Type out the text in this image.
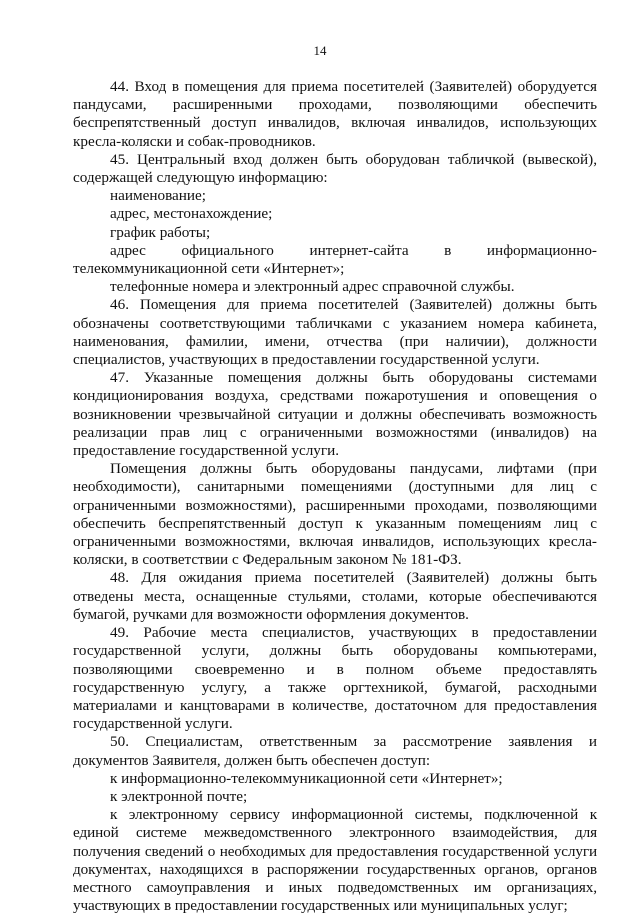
14

44. Вход в помещения для приема посетителей (Заявителей) оборудуется пандусами, расширенными проходами, позволяющими обеспечить беспрепятственный доступ инвалидов, включая инвалидов, использующих кресла-коляски и собак-проводников.

45. Центральный вход должен быть оборудован табличкой (вывеской), содержащей следующую информацию:

наименование;

адрес, местонахождение;

график работы;

адрес официального интернет-сайта в информационно-телекоммуникационной сети «Интернет»;

телефонные номера и электронный адрес справочной службы.

46. Помещения для приема посетителей (Заявителей) должны быть обозначены соответствующими табличками с указанием номера кабинета, наименования, фамилии, имени, отчества (при наличии), должности специалистов, участвующих в предоставлении государственной услуги.

47. Указанные помещения должны быть оборудованы системами кондиционирования воздуха, средствами пожаротушения и оповещения о возникновении чрезвычайной ситуации и должны обеспечивать возможность реализации прав лиц с ограниченными возможностями (инвалидов) на предоставление государственной услуги.

Помещения должны быть оборудованы пандусами, лифтами (при необходимости), санитарными помещениями (доступными для лиц с ограниченными возможностями), расширенными проходами, позволяющими обеспечить беспрепятственный доступ к указанным помещениям лиц с ограниченными возможностями, включая инвалидов, использующих кресла-коляски, в соответствии с Федеральным законом № 181-ФЗ.

48. Для ожидания приема посетителей (Заявителей) должны быть отведены места, оснащенные стульями, столами, которые обеспечиваются бумагой, ручками для возможности оформления документов.

49. Рабочие места специалистов, участвующих в предоставлении государственной услуги, должны быть оборудованы компьютерами, позволяющими своевременно и в полном объеме предоставлять государственную услугу, а также оргтехникой, бумагой, расходными материалами и канцтоварами в количестве, достаточном для предоставления государственной услуги.

50. Специалистам, ответственным за рассмотрение заявления и документов Заявителя, должен быть обеспечен доступ:

к информационно-телекоммуникационной сети «Интернет»;

к электронной почте;

к электронному сервису информационной системы, подключенной к единой системе межведомственного электронного взаимодействия, для получения сведений о необходимых для предоставления государственной услуги документах, находящихся в распоряжении государственных органов, органов местного самоуправления и иных подведомственных им организациях, участвующих в предоставлении государственных или муниципальных услуг;
